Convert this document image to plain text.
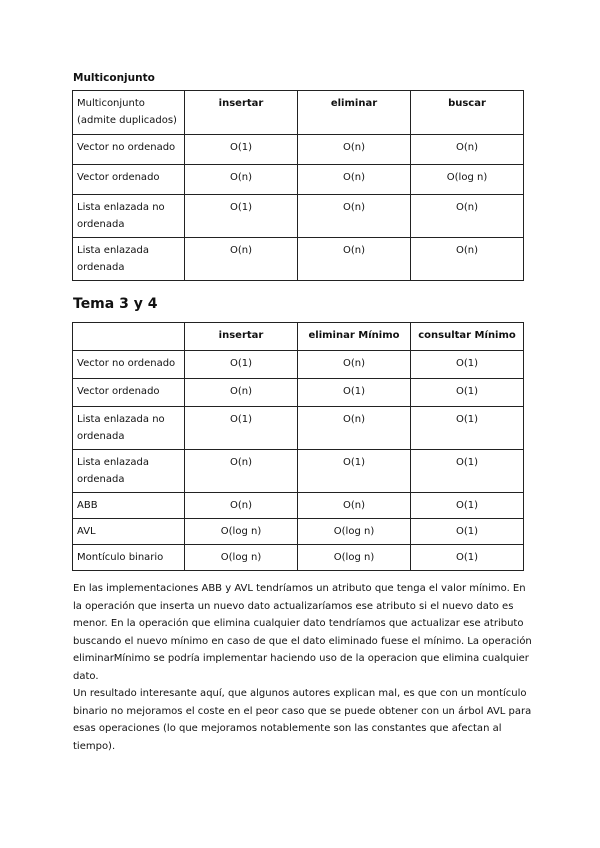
Multiconjunto
Multiconjunto (admite duplicados)	insertar	eliminar	buscar
Vector no ordenado	O(1)	O(n)	O(n)
Vector ordenado	O(n)	O(n)	O(log n)
Lista enlazada no ordenada	O(1)	O(n)	O(n)
Lista enlazada ordenada	O(n)	O(n)	O(n)
Tema 3 y 4
	insertar	eliminar Mínimo	consultar Mínimo
Vector no ordenado	O(1)	O(n)	O(1)
Vector ordenado	O(n)	O(1)	O(1)
Lista enlazada no ordenada	O(1)	O(n)	O(1)
Lista enlazada ordenada	O(n)	O(1)	O(1)
ABB	O(n)	O(n)	O(1)
AVL	O(log n)	O(log n)	O(1)
Montículo binario	O(log n)	O(log n)	O(1)
En las implementaciones ABB y AVL tendríamos un atributo que tenga el valor mínimo. En la operación que inserta un nuevo dato actualizaríamos ese atributo si el nuevo dato es menor. En la operación que elimina cualquier dato tendríamos que actualizar ese atributo buscando el nuevo mínimo en caso de que el dato eliminado fuese el mínimo. La operación eliminarMínimo se podría implementar haciendo uso de la operacion que elimina cualquier dato.
Un resultado interesante aquí, que algunos autores explican mal, es que con un montículo binario no mejoramos el coste en el peor caso que se puede obtener con un árbol AVL para esas operaciones (lo que mejoramos notablemente son las constantes que afectan al tiempo).
